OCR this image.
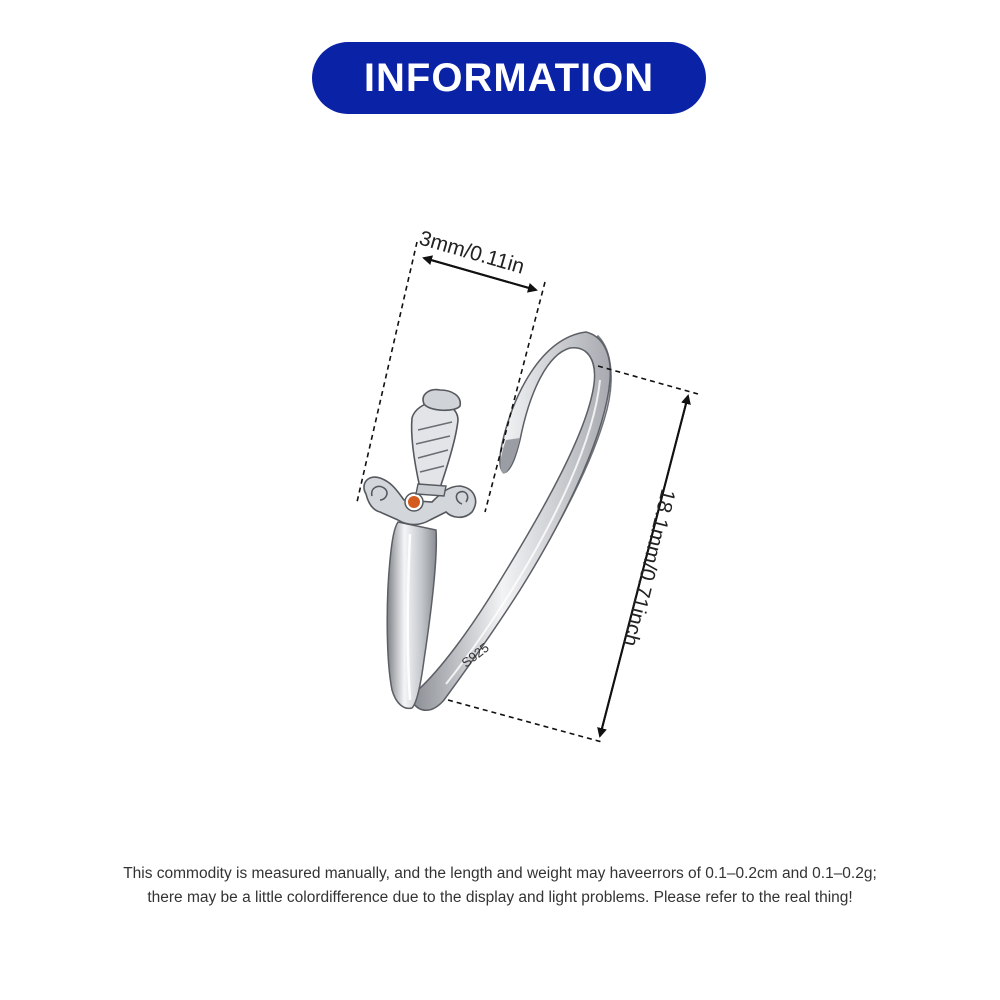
INFORMATION
S925
3mm/0.11in
18.1mm/0.71inch
This commodity is measured manually, and the length and weight may haveerrors of 0.1–0.2cm and 0.1–0.2g;
there may be a little colordifference due to the display and light problems. Please refer to the real thing!
